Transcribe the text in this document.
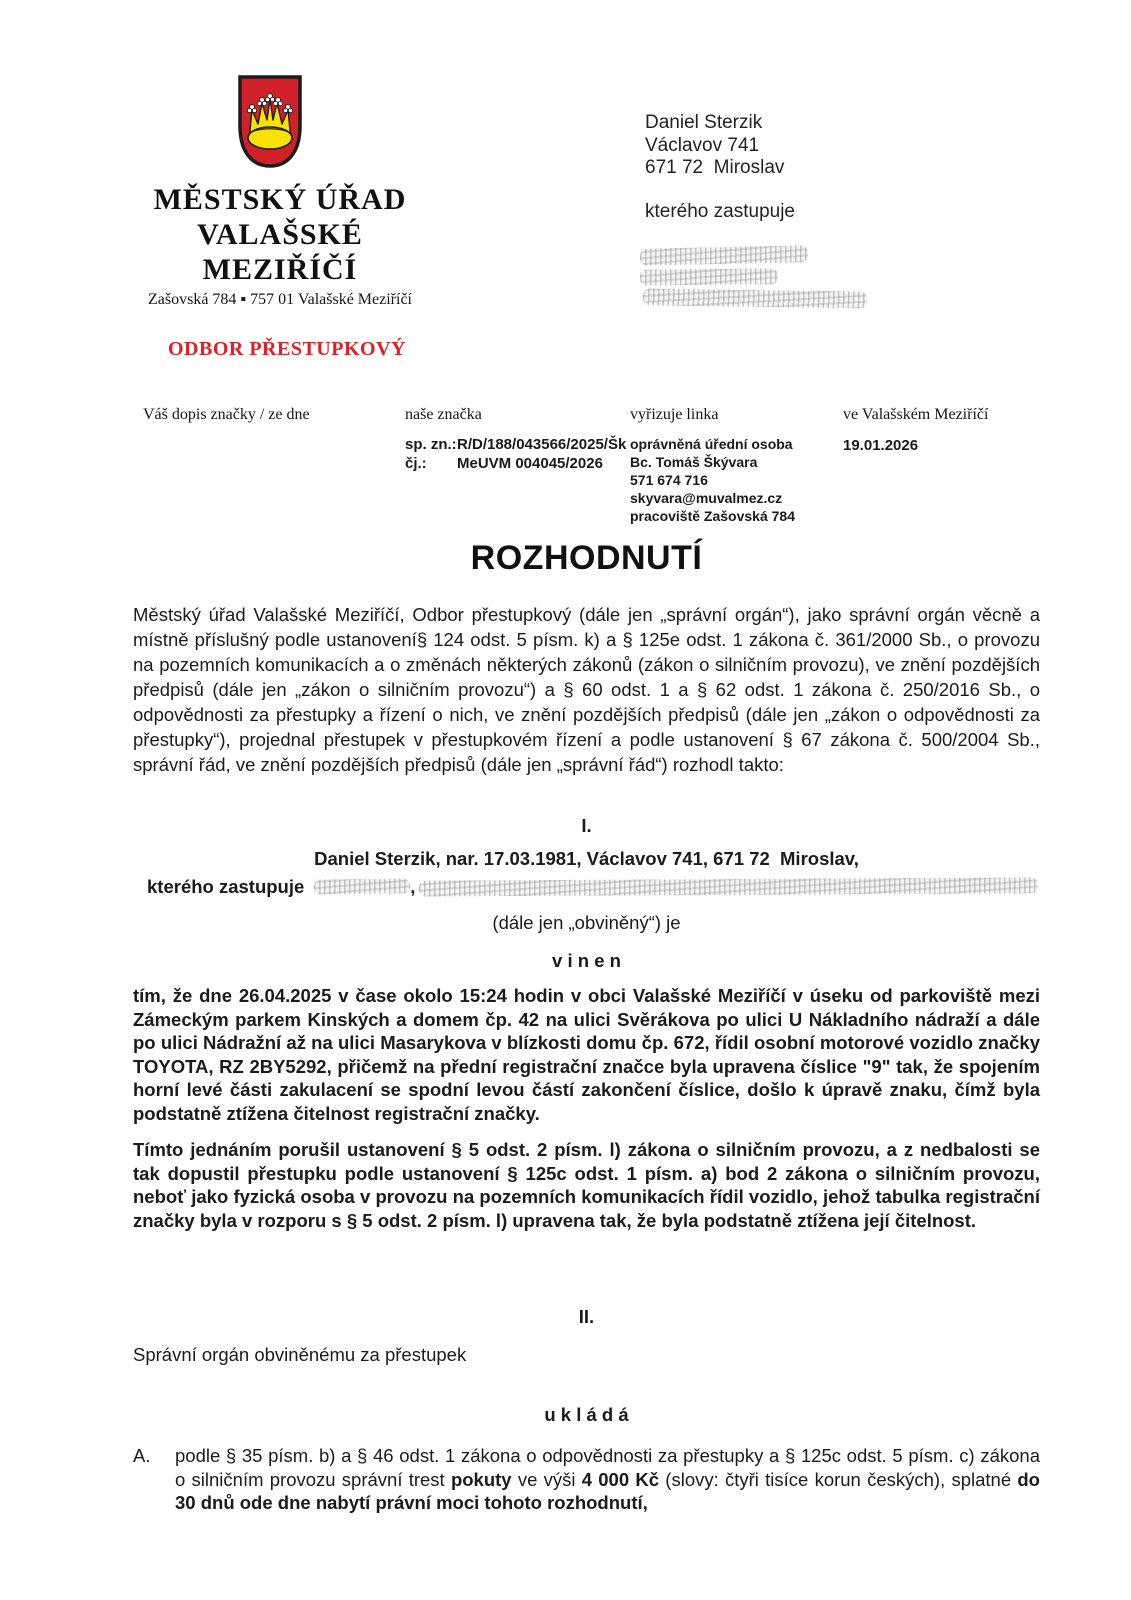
MĚSTSKÝ ÚŘAD
VALAŠSKÉ
MEZIŘÍČÍ
Zašovská 784 ▪ 757 01 Valašské Meziříčí
ODBOR PŘESTUPKOVÝ
Daniel Sterzik
Václavov 741
671 72  Miroslav
kterého zastupuje
Váš dopis značky / ze dne	naše značka
sp. zn.:R/D/188/043566/2025/Šk
čj.: MeUVM 004045/2026
vyřizuje linka
oprávněná úřední osoba
Bc. Tomáš Škývara
571 674 716
skyvara@muvalmez.cz
pracoviště Zašovská 784
ve Valašském Meziříčí
19.01.2026
ROZHODNUTÍ

Městský úřad Valašské Meziříčí, Odbor přestupkový (dále jen „správní orgán“), jako správní orgán věcně a místně příslušný podle ustanovení§ 124 odst. 5 písm. k) a § 125e odst. 1 zákona č. 361/2000 Sb., o provozu na pozemních komunikacích a o změnách některých zákonů (zákon o silničním provozu), ve znění pozdějších předpisů (dále jen „zákon o silničním provozu“) a § 60 odst. 1 a § 62 odst. 1 zákona č. 250/2016 Sb., o odpovědnosti za přestupky a řízení o nich, ve znění pozdějších předpisů (dále jen „zákon o odpovědnosti za přestupky“), projednal přestupek v přestupkovém řízení a podle ustanovení § 67 zákona č. 500/2004 Sb., správní řád, ve znění pozdějších předpisů (dále jen „správní řád“) rozhodl takto:

I.
Daniel Sterzik, nar. 17.03.1981, Václavov 741, 671 72  Miroslav,
kterého zastupuje	,
(dále jen „obviněný“) je
v i n e n

tím, že dne 26.04.2025 v čase okolo 15:24 hodin v obci Valašské Meziříčí v úseku od parkoviště mezi Zámeckým parkem Kinských a domem čp. 42 na ulici Svěrákova po ulici U Nákladního nádraží a dále po ulici Nádražní až na ulici Masarykova v blízkosti domu čp. 672, řídil osobní motorové vozidlo značky TOYOTA, RZ 2BY5292, přičemž na přední registrační značce byla upravena číslice "9" tak, že spojením horní levé části zakulacení se spodní levou částí zakončení číslice, došlo k úpravě znaku, čímž byla podstatně ztížena čitelnost registrační značky.

Tímto jednáním porušil ustanovení § 5 odst. 2 písm. l) zákona o silničním provozu, a z nedbalosti se tak dopustil přestupku podle ustanovení § 125c odst. 1 písm. a) bod 2 zákona o silničním provozu, neboť jako fyzická osoba v provozu na pozemních komunikacích řídil vozidlo, jehož tabulka registrační značky byla v rozporu s § 5 odst. 2 písm. l) upravena tak, že byla podstatně ztížena její čitelnost.

II.
Správní orgán obviněnému za přestupek
u k l á d á
A. podle § 35 písm. b) a § 46 odst. 1 zákona o odpovědnosti za přestupky a § 125c odst. 5 písm. c) zákona o silničním provozu správní trest pokuty ve výši 4 000 Kč (slovy: čtyři tisíce korun českých), splatné do 30 dnů ode dne nabytí právní moci tohoto rozhodnutí,
